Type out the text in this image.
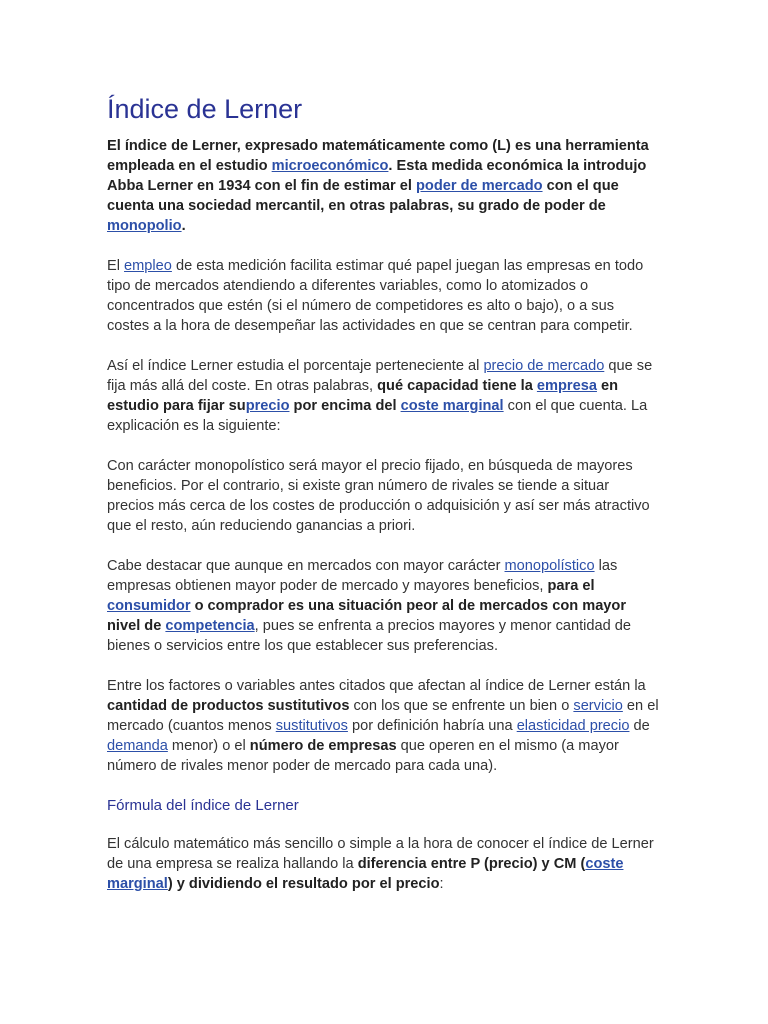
Índice de Lerner

El índice de Lerner, expresado matemáticamente como (L) es una herramienta empleada en el estudio microeconómico. Esta medida económica la introdujo Abba Lerner en 1934 con el fin de estimar el poder de mercado con el que cuenta una sociedad mercantil, en otras palabras, su grado de poder de monopolio.

El empleo de esta medición facilita estimar qué papel juegan las empresas en todo tipo de mercados atendiendo a diferentes variables, como lo atomizados o concentrados que estén (si el número de competidores es alto o bajo), o a sus costes a la hora de desempeñar las actividades en que se centran para competir.

Así el índice Lerner estudia el porcentaje perteneciente al precio de mercado que se fija más allá del coste. En otras palabras, qué capacidad tiene la empresa en estudio para fijar suprecio por encima del coste marginal con el que cuenta. La explicación es la siguiente:

Con carácter monopolístico será mayor el precio fijado, en búsqueda de mayores beneficios. Por el contrario, si existe gran número de rivales se tiende a situar precios más cerca de los costes de producción o adquisición y así ser más atractivo que el resto, aún reduciendo ganancias a priori.

Cabe destacar que aunque en mercados con mayor carácter monopolístico las empresas obtienen mayor poder de mercado y mayores beneficios, para el consumidor o comprador es una situación peor al de mercados con mayor nivel de competencia, pues se enfrenta a precios mayores y menor cantidad de bienes o servicios entre los que establecer sus preferencias.

Entre los factores o variables antes citados que afectan al índice de Lerner están la cantidad de productos sustitutivos con los que se enfrente un bien o servicio en el mercado (cuantos menos sustitutivos por definición habría una elasticidad precio de demanda menor) o el número de empresas que operen en el mismo (a mayor número de rivales menor poder de mercado para cada una).

Fórmula del índice de Lerner

El cálculo matemático más sencillo o simple a la hora de conocer el índice de Lerner de una empresa se realiza hallando la diferencia entre P (precio) y CM (coste marginal) y dividiendo el resultado por el precio:
